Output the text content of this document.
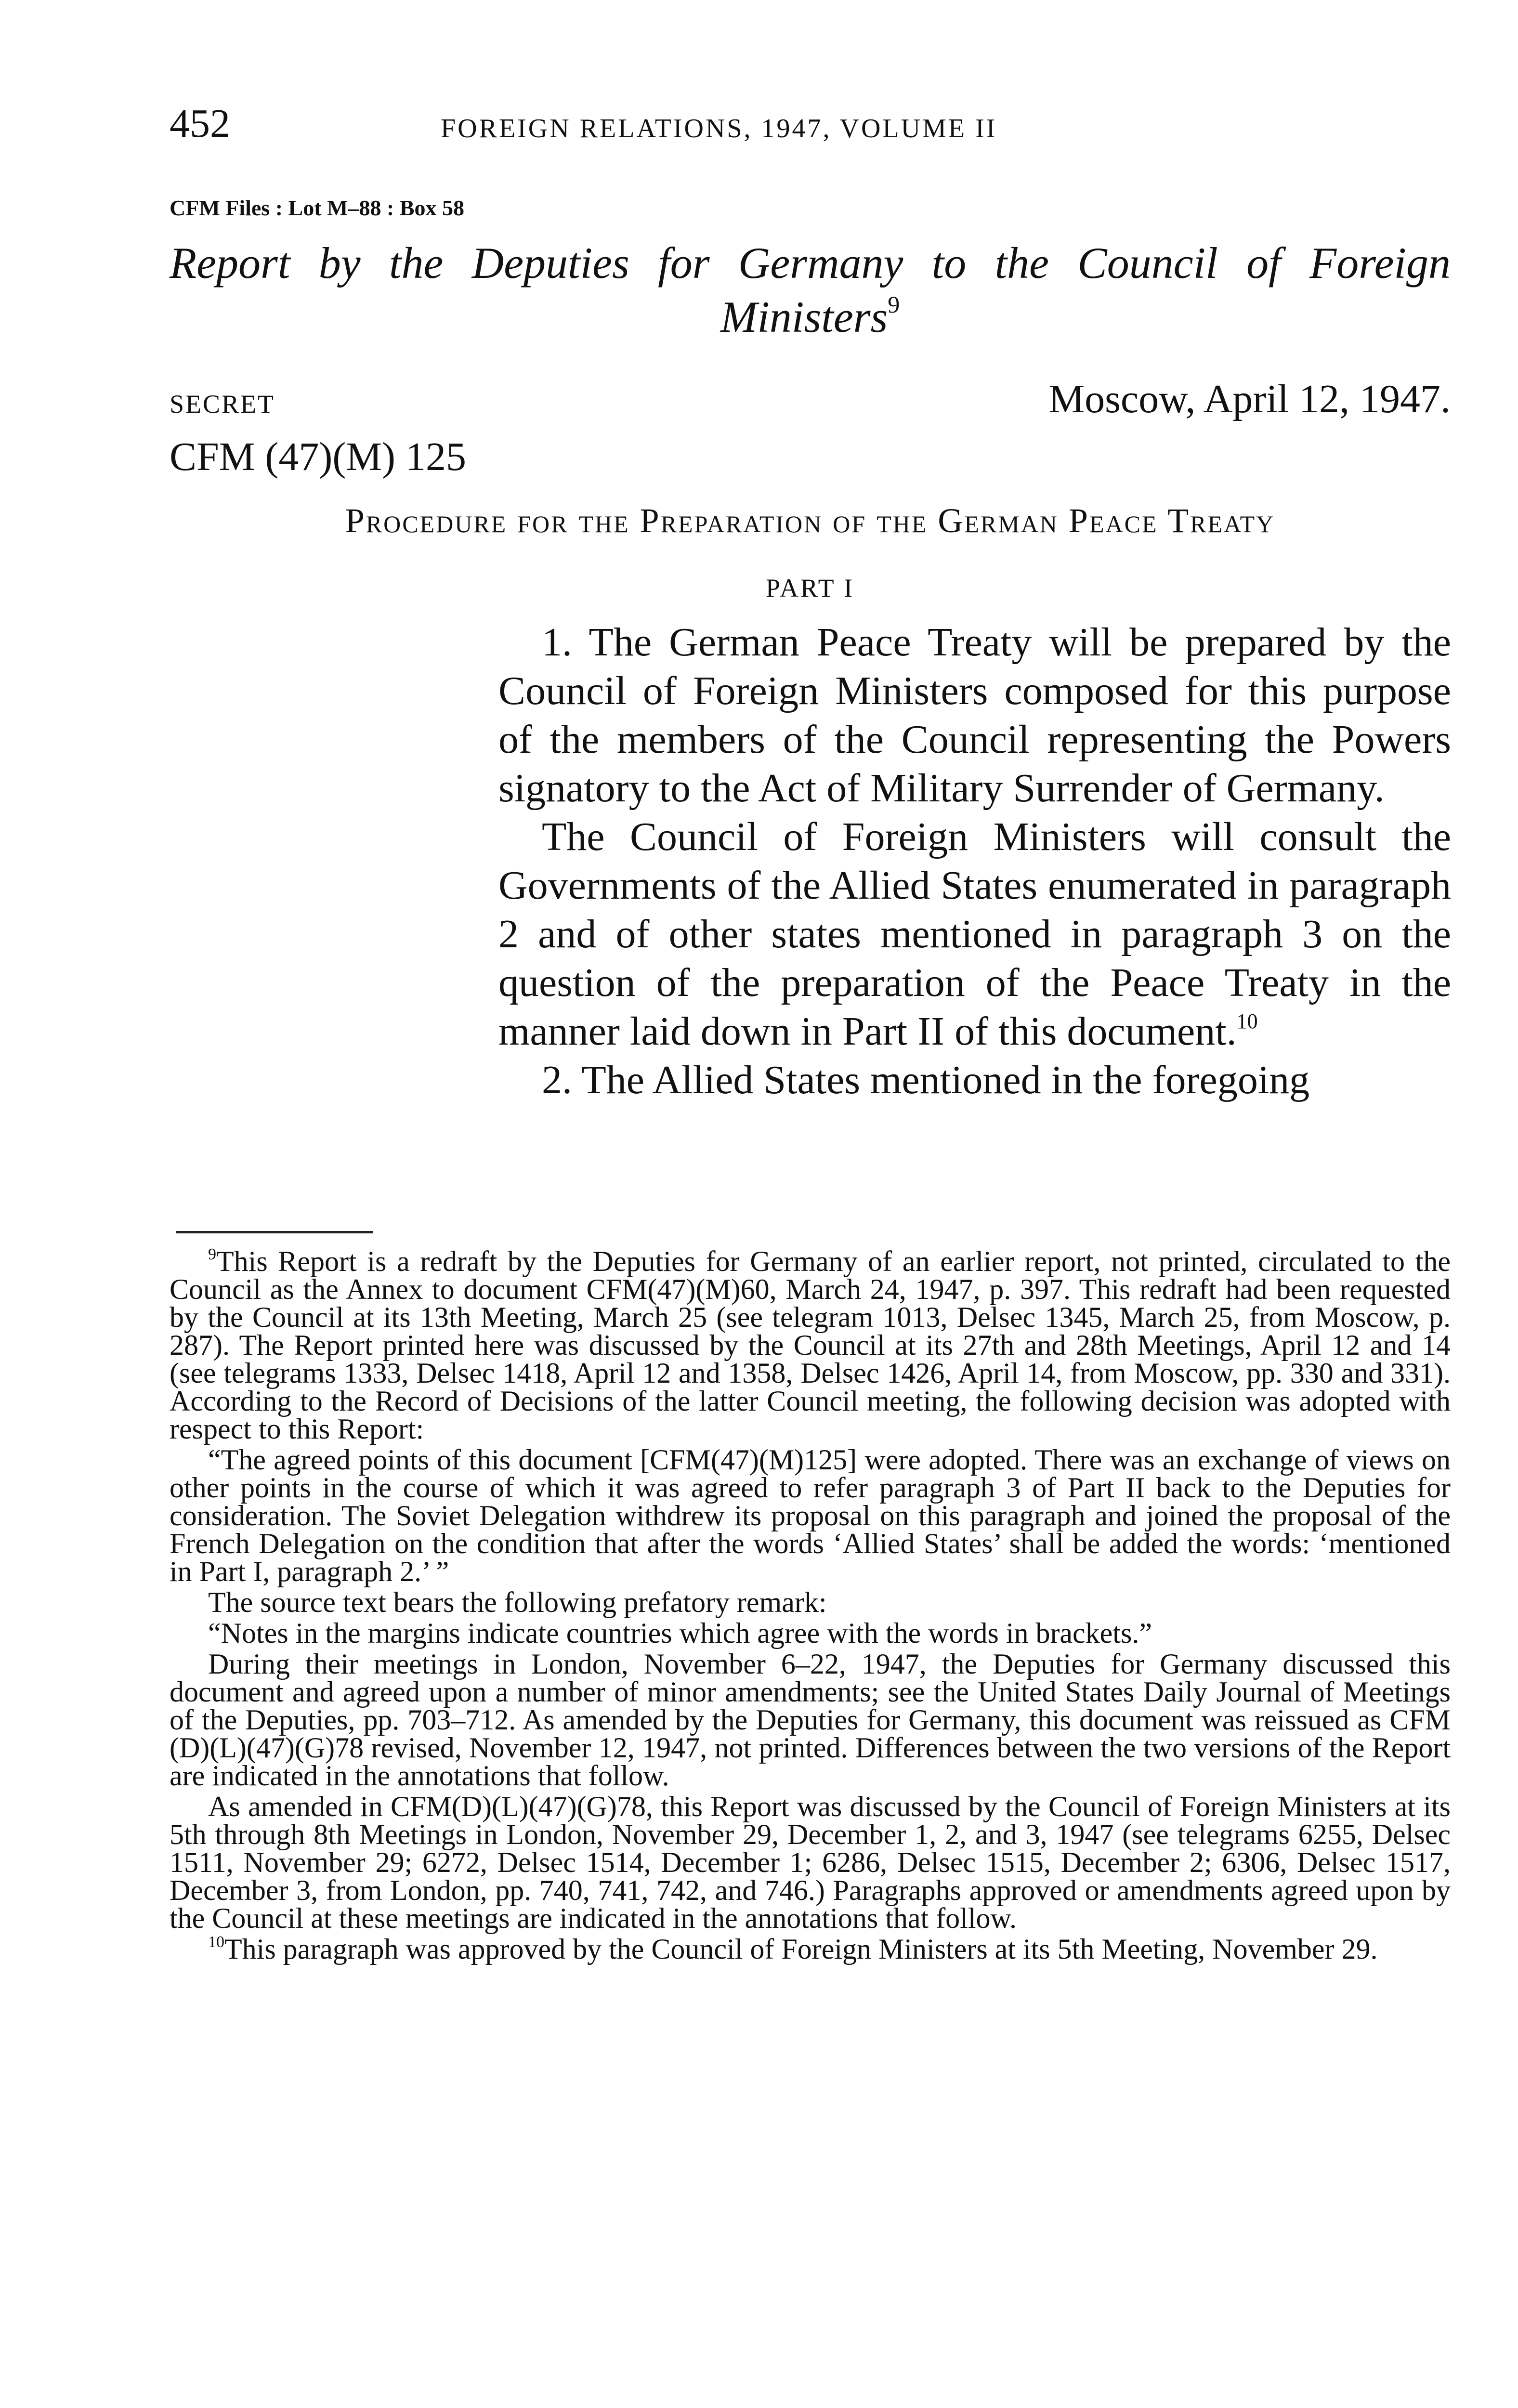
452	FOREIGN RELATIONS, 1947, VOLUME II
CFM Files : Lot M–88 : Box 58
Report by the Deputies for Germany to the Council of Foreign Ministers$^9$
SECRET	Moscow, April 12, 1947.
CFM (47)(M) 125
Procedure for the Preparation of the German Peace Treaty
PART I

1. The German Peace Treaty will be prepared by the Council of Foreign Ministers composed for this purpose of the members of the Council representing the Powers signatory to the Act of Military Surrender of Germany.

The Council of Foreign Ministers will consult the Governments of the Allied States enumerated in paragraph 2 and of other states mentioned in paragraph 3 on the question of the preparation of the Peace Treaty in the manner laid down in Part II of this document.$^{10}$

2. The Allied States mentioned in the foregoing

$^9$This Report is a redraft by the Deputies for Germany of an earlier report, not printed, circulated to the Council as the Annex to document CFM(47)(M)60, March 24, 1947, p. 397. This redraft had been requested by the Council at its 13th Meeting, March 25 (see telegram 1013, Delsec 1345, March 25, from Moscow, p. 287). The Report printed here was discussed by the Council at its 27th and 28th Meetings, April 12 and 14 (see telegrams 1333, Delsec 1418, April 12 and 1358, Delsec 1426, April 14, from Moscow, pp. 330 and 331). According to the Record of Decisions of the latter Council meeting, the following decision was adopted with respect to this Report:

“The agreed points of this document [CFM(47)(M)125] were adopted. There was an exchange of views on other points in the course of which it was agreed to refer paragraph 3 of Part II back to the Deputies for consideration. The Soviet Delegation withdrew its proposal on this paragraph and joined the proposal of the French Delegation on the condition that after the words ‘Allied States’ shall be added the words: ‘mentioned in Part I, paragraph 2.’ ”

The source text bears the following prefatory remark:

“Notes in the margins indicate countries which agree with the words in brackets.”

During their meetings in London, November 6–22, 1947, the Deputies for Germany discussed this document and agreed upon a number of minor amendments; see the United States Daily Journal of Meetings of the Deputies, pp. 703–712. As amended by the Deputies for Germany, this document was reissued as CFM (D)(L)(47)(G)78 revised, November 12, 1947, not printed. Differences between the two versions of the Report are indicated in the annotations that follow.

As amended in CFM(D)(L)(47)(G)78, this Report was discussed by the Council of Foreign Ministers at its 5th through 8th Meetings in London, November 29, December 1, 2, and 3, 1947 (see telegrams 6255, Delsec 1511, November 29; 6272, Delsec 1514, December 1; 6286, Delsec 1515, December 2; 6306, Delsec 1517, December 3, from London, pp. 740, 741, 742, and 746.) Paragraphs approved or amendments agreed upon by the Council at these meetings are indicated in the annotations that follow.

$^{10}$This paragraph was approved by the Council of Foreign Ministers at its 5th Meeting, November 29.
